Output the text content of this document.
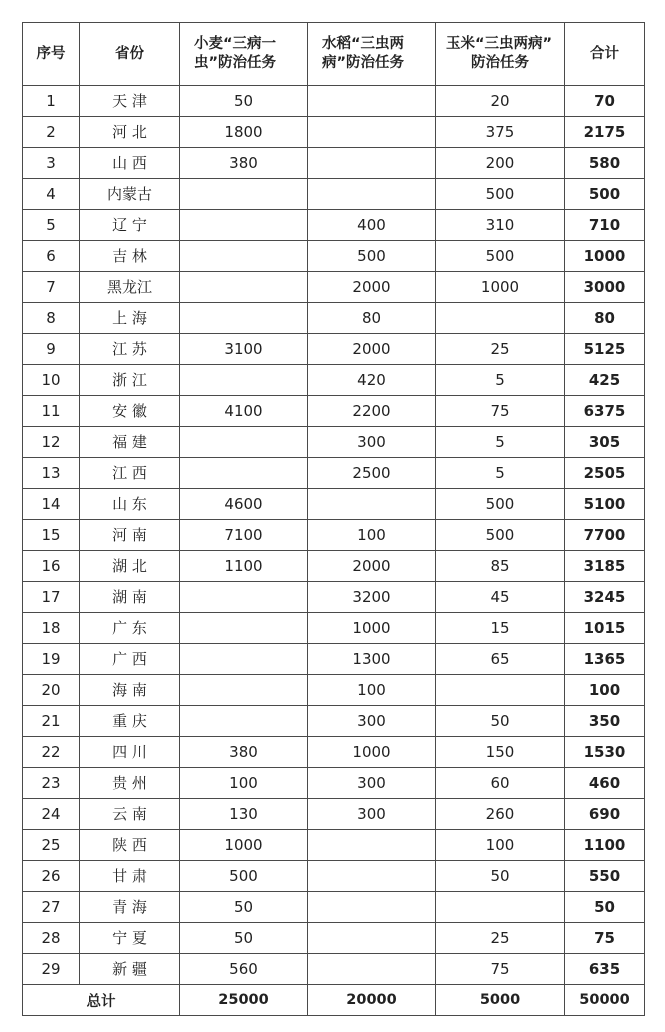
序号	省份	小麦“三病一虫”防治任务	水稻“三虫两病”防治任务	玉米“三虫两病”
防治任务	合计
1	天 津	50		20	70
2	河 北	1800		375	2175
3	山 西	380		200	580
4	内蒙古			500	500
5	辽 宁		400	310	710
6	吉 林		500	500	1000
7	黑龙江		2000	1000	3000
8	上 海		80		80
9	江 苏	3100	2000	25	5125
10	浙 江		420	5	425
11	安 徽	4100	2200	75	6375
12	福 建		300	5	305
13	江 西		2500	5	2505
14	山 东	4600		500	5100
15	河 南	7100	100	500	7700
16	湖 北	1100	2000	85	3185
17	湖 南		3200	45	3245
18	广 东		1000	15	1015
19	广 西		1300	65	1365
20	海 南		100		100
21	重 庆		300	50	350
22	四 川	380	1000	150	1530
23	贵 州	100	300	60	460
24	云 南	130	300	260	690
25	陕 西	1000		100	1100
26	甘 肃	500		50	550
27	青 海	50			50
28	宁 夏	50		25	75
29	新 疆	560		75	635
总计		25000	20000	5000	50000
